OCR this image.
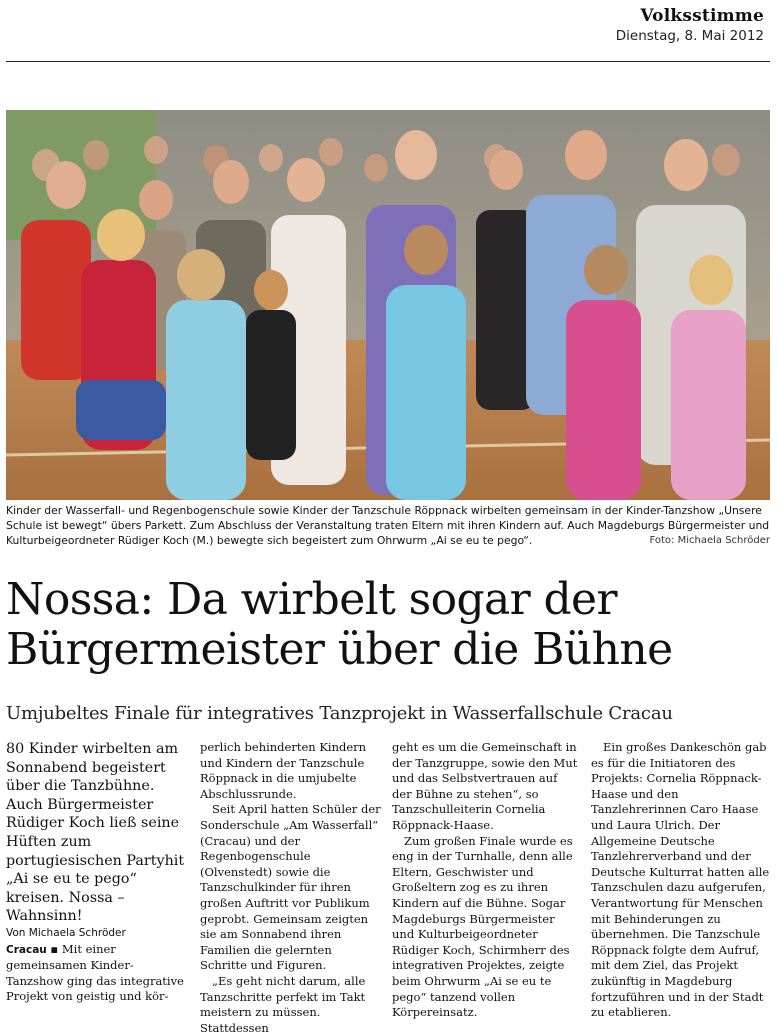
Volksstimme
Dienstag, 8. Mai 2012
Kinder der Wasserfall- und Regenbogenschule sowie Kinder der Tanzschule Röppnack wirbelten gemeinsam in der Kinder-Tanzshow „Unsere Schule ist bewegt“ übers Parkett. Zum Abschluss der Veranstaltung traten Eltern mit ihren Kindern auf. Auch Magdeburgs Bürgermeister und Kulturbeigeordneter Rüdiger Koch (M.) bewegte sich begeistert zum Ohrwurm „Ai se eu te pego“.	Foto: Michaela Schröder
Nossa: Da wirbelt sogar der Bürgermeister über die Bühne
Umjubeltes Finale für integratives Tanzprojekt in Wasserfallschule Cracau

80 Kinder wirbelten am Sonnabend begeistert über die Tanzbühne. Auch Bürgermeister Rüdiger Koch ließ seine Hüften zum portugiesischen Partyhit „Ai se eu te pego“ kreisen. Nossa – Wahnsinn!

Von Michaela Schröder

Cracau ▪ Mit einer gemeinsamen Kinder-Tanzshow ging das integrative Projekt von geistig und kör-

perlich behinderten Kindern und Kindern der Tanzschule Röppnack in die umjubelte Abschlussrunde.

Seit April hatten Schüler der Sonderschule „Am Wasserfall“ (Cracau) und der Regenbogenschule (Olvenstedt) sowie die Tanzschulkinder für ihren großen Auftritt vor Publikum geprobt. Gemeinsam zeigten sie am Sonnabend ihren Familien die gelernten Schritte und Figuren.

„Es geht nicht darum, alle Tanzschritte perfekt im Takt meistern zu müssen. Stattdessen

geht es um die Gemeinschaft in der Tanzgruppe, sowie den Mut und das Selbstvertrauen auf der Bühne zu stehen“, so Tanzschulleiterin Cornelia Röppnack-Haase.

Zum großen Finale wurde es eng in der Turnhalle, denn alle Eltern, Geschwister und Großeltern zog es zu ihren Kindern auf die Bühne. Sogar Magdeburgs Bürgermeister und Kulturbeigeordneter Rüdiger Koch, Schirmherr des integrativen Projektes, zeigte beim Ohrwurm „Ai se eu te pego“ tanzend vollen Körpereinsatz.

Ein großes Dankeschön gab es für die Initiatoren des Projekts: Cornelia Röppnack-Haase und den Tanzlehrerinnen Caro Haase und Laura Ulrich. Der Allgemeine Deutsche Tanzlehrerverband und der Deutsche Kulturrat hatten alle Tanzschulen dazu aufgerufen, Verantwortung für Menschen mit Behinderungen zu übernehmen. Die Tanzschule Röppnack folgte dem Aufruf, mit dem Ziel, das Projekt zukünftig in Magdeburg fortzuführen und in der Stadt zu etablieren.
